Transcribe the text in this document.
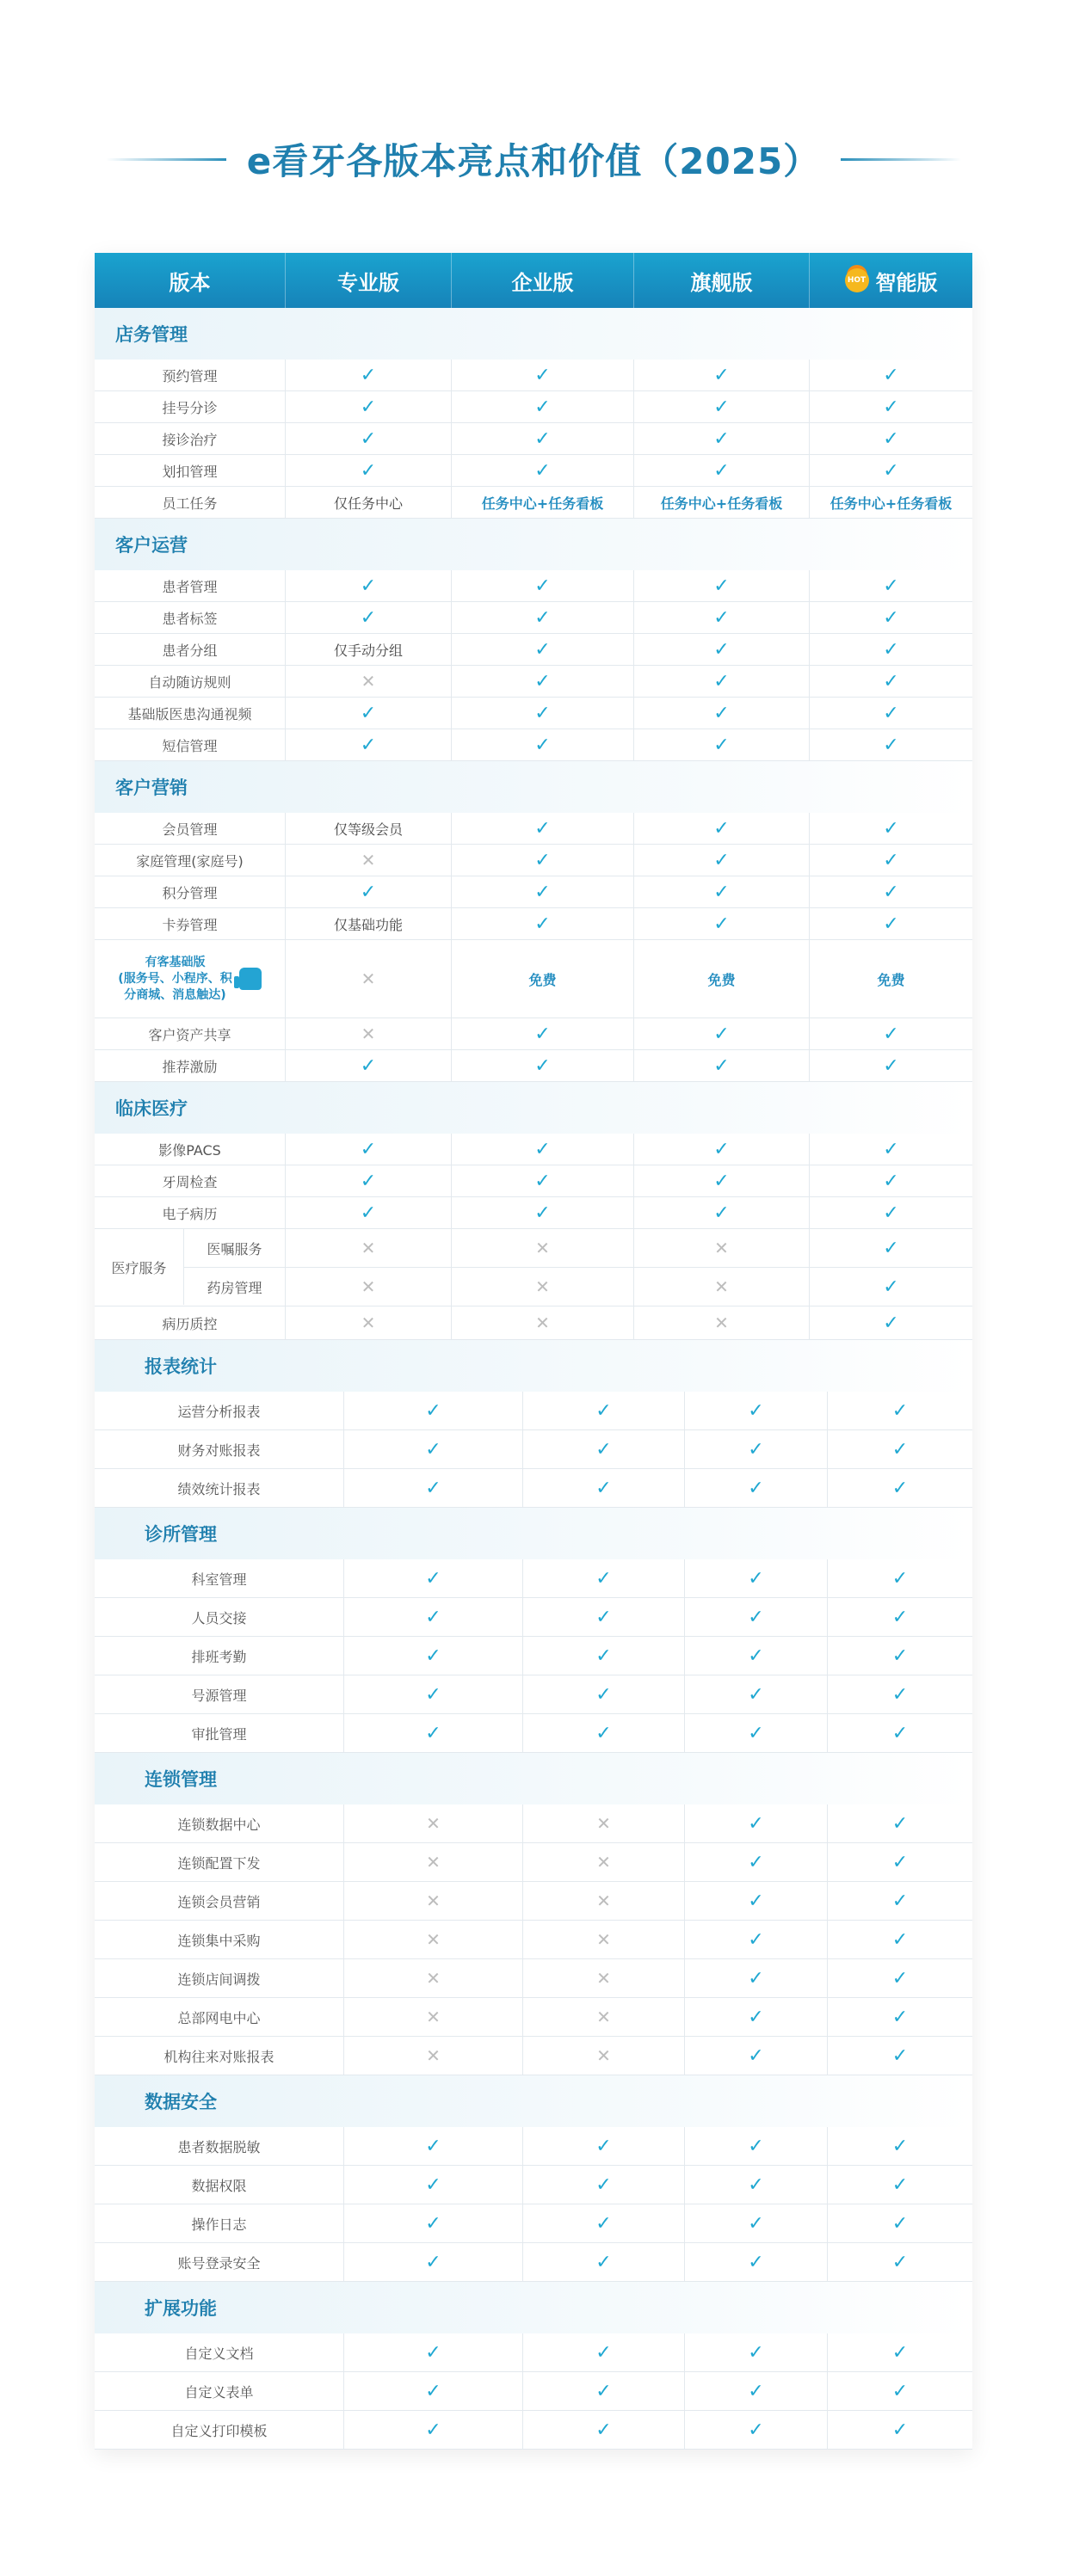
e看牙各版本亮点和价值（2025）
版本	专业版	企业版	旗舰版	HOT 智能版
店务管理
预约管理	✓	✓	✓	✓
挂号分诊	✓	✓	✓	✓
接诊治疗	✓	✓	✓	✓
划扣管理	✓	✓	✓	✓
员工任务	仅任务中心	任务中心+任务看板	任务中心+任务看板	任务中心+任务看板
客户运营
患者管理	✓	✓	✓	✓
患者标签	✓	✓	✓	✓
患者分组	仅手动分组	✓	✓	✓
自动随访规则	✕	✓	✓	✓
基础版医患沟通视频	✓	✓	✓	✓
短信管理	✓	✓	✓	✓
客户营销
会员管理	仅等级会员	✓	✓	✓
家庭管理(家庭号)	✕	✓	✓	✓
积分管理	✓	✓	✓	✓
卡券管理	仅基础功能	✓	✓	✓
有客基础版
(服务号、小程序、积
分商城、消息触达)
✕	免费	免费	免费
客户资产共享	✕	✓	✓	✓
推荐激励	✓	✓	✓	✓
临床医疗
影像PACS	✓	✓	✓	✓
牙周检查	✓	✓	✓	✓
电子病历	✓	✓	✓	✓
医疗服务
医嘱服务	✕	✕	✕	✓
药房管理	✕	✕	✕	✓
病历质控	✕	✕	✕	✓
报表统计
运营分析报表	✓	✓	✓	✓
财务对账报表	✓	✓	✓	✓
绩效统计报表	✓	✓	✓	✓
诊所管理
科室管理	✓	✓	✓	✓
人员交接	✓	✓	✓	✓
排班考勤	✓	✓	✓	✓
号源管理	✓	✓	✓	✓
审批管理	✓	✓	✓	✓
连锁管理
连锁数据中心	✕	✕	✓	✓
连锁配置下发	✕	✕	✓	✓
连锁会员营销	✕	✕	✓	✓
连锁集中采购	✕	✕	✓	✓
连锁店间调拨	✕	✕	✓	✓
总部网电中心	✕	✕	✓	✓
机构往来对账报表	✕	✕	✓	✓
数据安全
患者数据脱敏	✓	✓	✓	✓
数据权限	✓	✓	✓	✓
操作日志	✓	✓	✓	✓
账号登录安全	✓	✓	✓	✓
扩展功能
自定义文档	✓	✓	✓	✓
自定义表单	✓	✓	✓	✓
自定义打印模板	✓	✓	✓	✓
